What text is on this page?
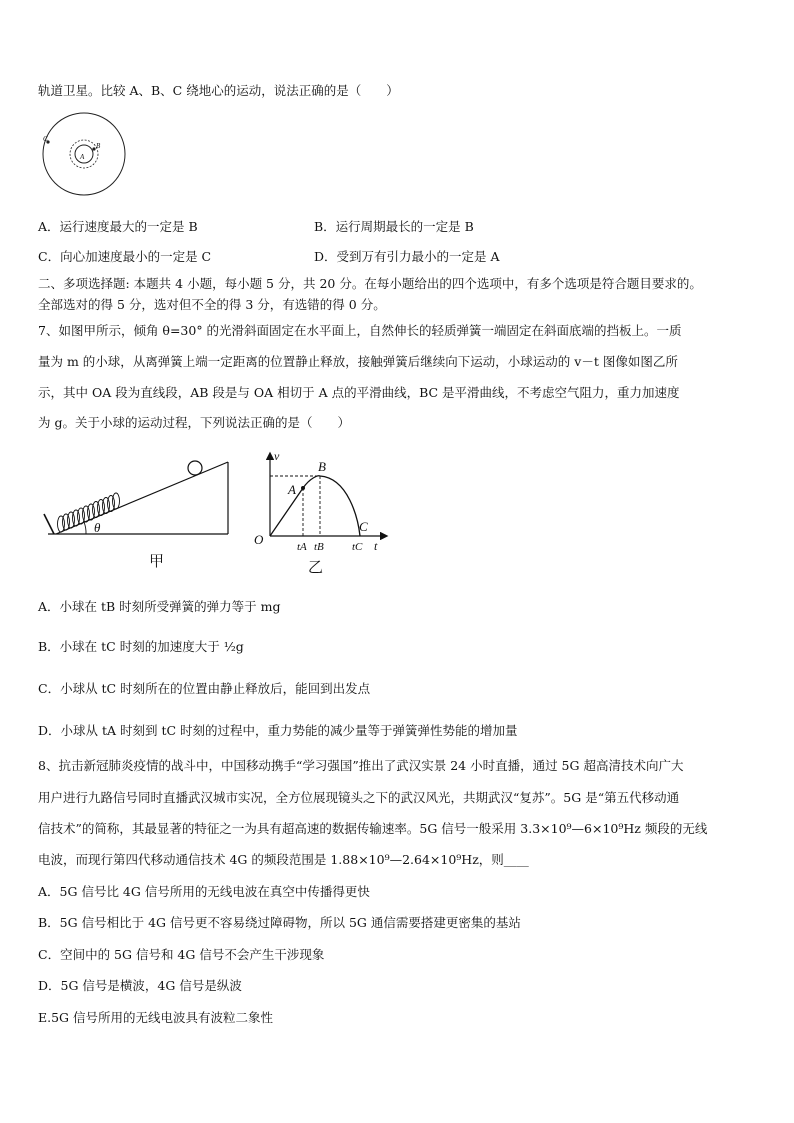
轨道卫星。比较 A、B、C 绕地心的运动，说法正确的是（　　）
A
B
C
A．运行速度最大的一定是 B	B．运行周期最长的一定是 B
C．向心加速度最小的一定是 C	D．受到万有引力最小的一定是 A
二、多项选择题: 本题共 4 小题，每小题 5 分，共 20 分。在每小题给出的四个选项中，有多个选项是符合题目要求的。
全部选对的得 5 分，选对但不全的得 3 分，有选错的得 0 分。
7、如图甲所示，倾角 θ=30° 的光滑斜面固定在水平面上，自然伸长的轻质弹簧一端固定在斜面底端的挡板上。一质
量为 m 的小球，从离弹簧上端一定距离的位置静止释放，接触弹簧后继续向下运动，小球运动的 v－t 图像如图乙所
示，其中 OA 段为直线段，AB 段是与 OA 相切于 A 点的平滑曲线，BC 是平滑曲线，不考虑空气阻力，重力加速度
为 g。关于小球的运动过程，下列说法正确的是（　　）
θ
甲
v
t
O
A
B
C
tA tB	tC
乙
A．小球在 tB 时刻所受弹簧的弹力等于 mg
B．小球在 tC 时刻的加速度大于 ½g
C．小球从 tC 时刻所在的位置由静止释放后，能回到出发点
D．小球从 tA 时刻到 tC 时刻的过程中，重力势能的减少量等于弹簧弹性势能的增加量
8、抗击新冠肺炎疫情的战斗中，中国移动携手“学习强国”推出了武汉实景 24 小时直播，通过 5G 超高清技术向广大
用户进行九路信号同时直播武汉城市实况，全方位展现镜头之下的武汉风光，共期武汉“复苏”。5G 是“第五代移动通
信技术”的简称，其最显著的特征之一为具有超高速的数据传输速率。5G 信号一般采用 3.3×10⁹—6×10⁹Hz 频段的无线
电波，而现行第四代移动通信技术 4G 的频段范围是 1.88×10⁹—2.64×10⁹Hz，则____
A．5G 信号比 4G 信号所用的无线电波在真空中传播得更快
B．5G 信号相比于 4G 信号更不容易绕过障碍物，所以 5G 通信需要搭建更密集的基站
C．空间中的 5G 信号和 4G 信号不会产生干涉现象
D．5G 信号是横波，4G 信号是纵波
E.5G 信号所用的无线电波具有波粒二象性
